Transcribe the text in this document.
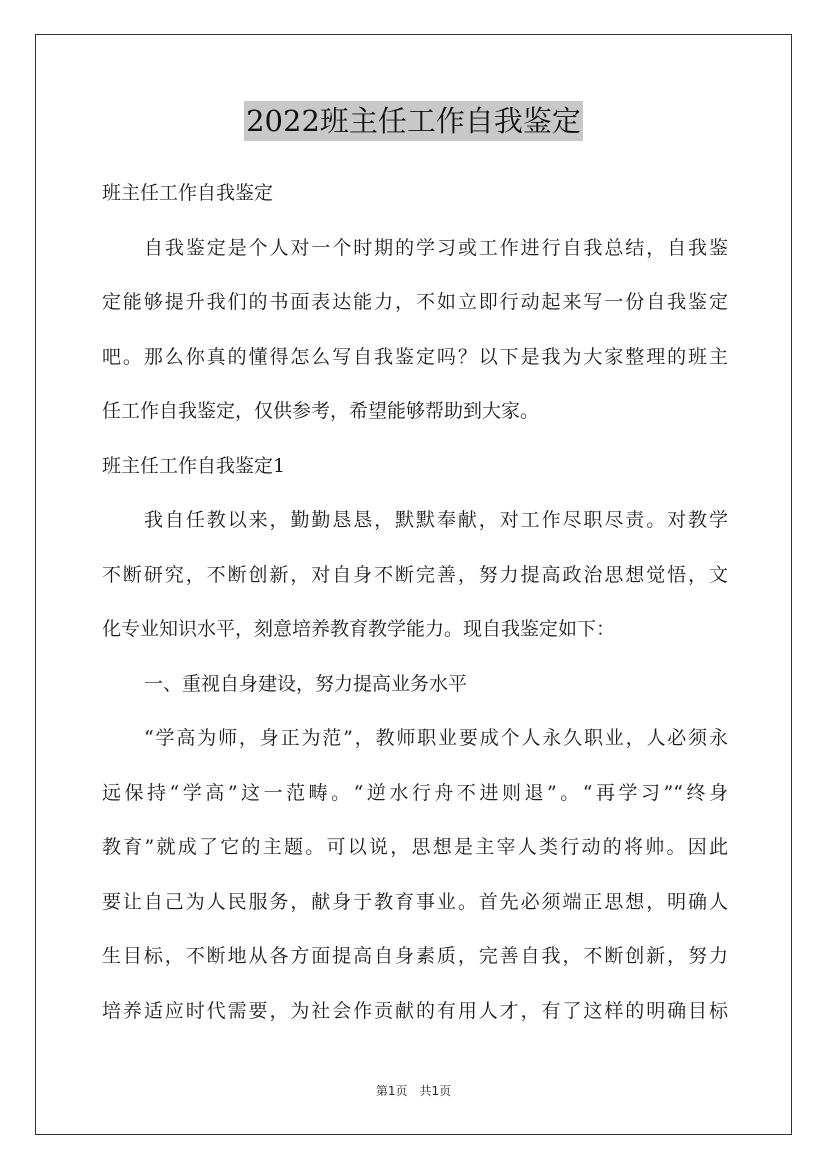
2022班主任工作自我鉴定
班主任工作自我鉴定
自我鉴定是个人对一个时期的学习或工作进行自我总结，自我鉴
定能够提升我们的书面表达能力，不如立即行动起来写一份自我鉴定
吧。那么你真的懂得怎么写自我鉴定吗？以下是我为大家整理的班主
任工作自我鉴定，仅供参考，希望能够帮助到大家。
班主任工作自我鉴定1
我自任教以来，勤勤恳恳，默默奉献，对工作尽职尽责。对教学
不断研究，不断创新，对自身不断完善，努力提高政治思想觉悟，文
化专业知识水平，刻意培养教育教学能力。现自我鉴定如下：
一、重视自身建设，努力提高业务水平
“学高为师，身正为范”，教师职业要成个人永久职业，人必须永
远保持“学高”这一范畴。“逆水行舟不进则退”。“再学习”“终身
教育”就成了它的主题。可以说，思想是主宰人类行动的将帅。因此
要让自己为人民服务，献身于教育事业。首先必须端正思想，明确人
生目标，不断地从各方面提高自身素质，完善自我，不断创新，努力
培养适应时代需要，为社会作贡献的有用人才，有了这样的明确目标
第1页　共1页
